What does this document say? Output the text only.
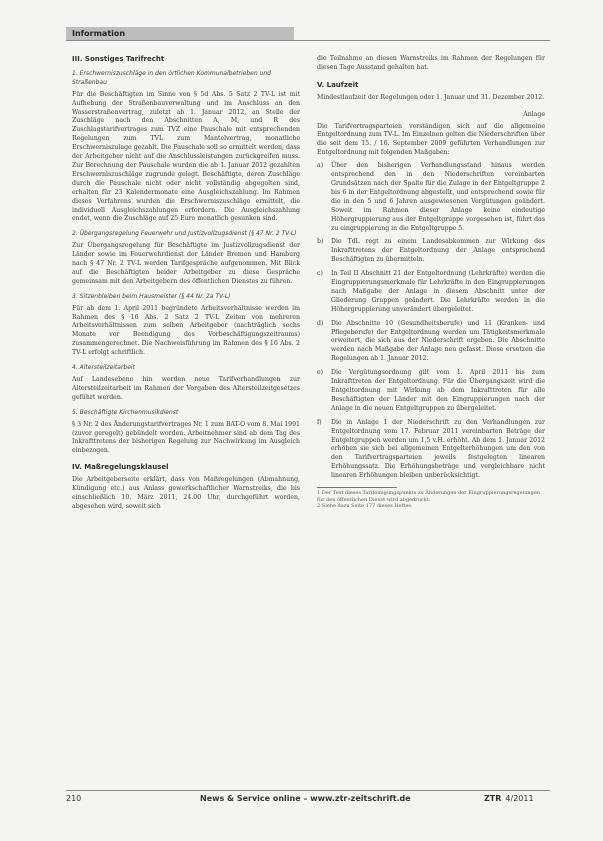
Information
III. Sonstiges Tarifrecht
1. Erschwerniszuschläge in den örtlichen Kommunalbetrieben und Straßenbau

Für die Beschäftigten im Sinne von § 5d Abs. 5 Satz 2 TV-L ist mit Aufhebung der Straßenbauverwaltung und im Anschluss an den Wasserstraßenvertrag, zuletzt ab 1. Januar 2012, an Stelle der Zuschläge nach den Abschnitten A, M, und R des Zuschlagstarifvertrages zum TVZ eine Pauschale mit entsprechenden Regelungen zum TVL zum Mantelvertrag, monatliche Erschwerniszulage gezahlt. Die Pauschale soll so ermittelt werden, dass der Arbeitgeber nicht auf die Anschlussleistungen zurückgreifen muss. Zur Berechnung der Pauschale wurden die ab 1. Januar 2012 gezahlten Erschwerniszuschläge zugrunde gelegt. Beschäftigte, deren Zuschläge durch die Pauschale nicht oder nicht vollständig abgegolten sind, erhalten für 23 Kalendermonate eine Ausgleichszahlung. Im Rahmen dieses Verfahrens wurden die Erschwerniszuschläge ermittelt, die individuell Ausgleichszahlungen erfordern. Die Ausgleichszahlung endet, wenn die Zuschläge auf 25 Euro monatlich gesunken sind.

2. Übergangsregelung Feuerwehr und Justizvollzugsdienst (§ 47 Nr. 2 TV-L)

Zur Übergangsregelung für Beschäftigte im Justizvollzugsdienst der Länder sowie im Feuerwehrdienst der Länder Bremen und Hamburg nach § 47 Nr. 2 TV-L werden Tarifgespräche aufgenommen. Mit Blick auf die Beschäftigten beider Arbeitgeber zu diese Gespräche gemeinsam mit den Arbeitgebern des öffentlichen Dienstes zu führen.

3. Sitzenbleiben beim Hausmeister (§ 44 Nr. 2a TV-L)

Für ab dem 1. April 2011 begründete Arbeitsverhältnisse werden im Rahmen des § 16 Abs. 2 Satz 2 TV-L Zeiten von mehreren Arbeitsverhältnissen zum selben Arbeitgeber (nachträglich sechs Monate vor Beendigung des Vorbeschäftigungszeitraums) zusammengerechnet. Die Nachweisführung im Rahmen des § 16 Abs. 2 TV-L erfolgt schriftlich.

4. Altersteilzeitarbeit

Auf Landesebene hin werden neue Tarifverhandlungen zur Altersteilzeitarbeit im Rahmen der Vorgaben des Altersteilzeitgesetzes geführt werden.

5. Beschäftigte Kirchenmusikdienst

§ 3 Nr. 2 des Änderungstarifvertrages Nr. 1 zum BAT-O vom 8. Mai 1991 (zuvor geregelt) gebündelt worden. Arbeitnehmer sind ab dem Tag des Inkrafttretens der bisherigen Regelung zur Nachwirkung im Ausgleich einbezogen.

IV. Maßregelungsklausel

Die Arbeitgeberseite erklärt, dass von Maßregelungen (Abmahnung, Kündigung etc.) aus Anlass gewerkschaftlicher Warnstreiks, die bis einschließlich 10. März 2011, 24.00 Uhr, durchgeführt worden, abgesehen wird, soweit sich

die Teilnahme an diesen Warnstreiks im Rahmen der Regelungen für diesen Tage Ausstand gehalten hat.

V. Laufzeit

Mindestlaufzeit der Regelungen oder 1. Januar und 31. Dezember 2012.

Anlage

Die Tarifvertragsparteien verständigen sich auf die allgemeine Entgeltordnung zum TV-L. Im Einzelnen gelten die Niederschriften über die seit dem 15. / 16. September 2009 geführten Verhandlungen zur Entgeltordnung mit folgenden Maßgaben:

a) Über den bisherigen Verhandlungsstand hinaus werden entsprechend den in den Niederschriften vereinbarten Grundsätzen nach der Spalte für die Zulage in der Entgeltgruppe 2 bis 6 in der Entgeltordnung abgestellt, und entsprechend sowie für die in den 5 und 6 Jahren ausgewiesenen Vergütungen geändert. Soweit im Rahmen dieser Anlage keine eindeutige Höhergruppierung aus der Entgeltgruppe vorgesehen ist, führt das zu eingruppierung in die Entgeltgruppe 5.
b) Die TdL regt zu einem Landesabkommen zur Wirkung des Inkrafttretens der Entgeltordnung der Anlage entsprechend Beschäftigten zu übermitteln.
c) In Teil II Abschnitt 21 der Entgeltordnung (Lehrkräfte) werden die Eingruppierungsmerkmale für Lehrkräfte in den Eingruppierungen nach Maßgabe der Anlage in diesem Abschnitt unter der Gliederung Gruppen geändert. Die Lehrkräfte werden in die Höhergruppierung unverändert übergeleitet.
d) Die Abschnitte 10 (Gesundheitsberufe) und 11 (Kranken- und Pflegeberufe) der Entgeltordnung werden um Tätigkeitsmerkmale erweitert, die sich aus der Niederschrift ergeben. Die Abschnitte werden nach Maßgabe der Anlage neu gefasst. Diese ersetzen die Regelungen ab 1. Januar 2012.
e) Die Vergütungsordnung gilt vom 1. April 2011 bis zum Inkrafttreten der Entgeltordnung. Für die Übergangszeit wird die Entgeltordnung mit Wirkung ab dem Inkrafttreten für alle Beschäftigten der Länder mit den Eingruppierungen nach der Anlage in die neuen Entgeltgruppen zu übergeleitet.
f) Die in Anlage 1 der Niederschrift zu den Verhandlungen zur Entgeltordnung vom 17. Februar 2011 vereinbarten Beträge der Entgeltgruppen werden um 1,5 v.H. erhöht. Ab dem 1. Januar 2012 erhöhen sie sich bei allgemeinen Entgelterhöhungen um den von den Tarifvertragsparteien jeweils festgelegten linearen Erhöhungssatz. Die Erhöhungsbeträge und vergleichbare nicht linearen Erhöhungen bleiben unberücksichtigt.
1 Der Text dieses Tarifeinigungspunkts zu Änderungen der Eingruppierungsregelungen für den öffentlichen Dienst wird abgedruckt.
2 Siehe dazu Seite 177 dieses Heftes.
210	News & Service online – www.ztr-zeitschrift.de	ZTR 4/2011
